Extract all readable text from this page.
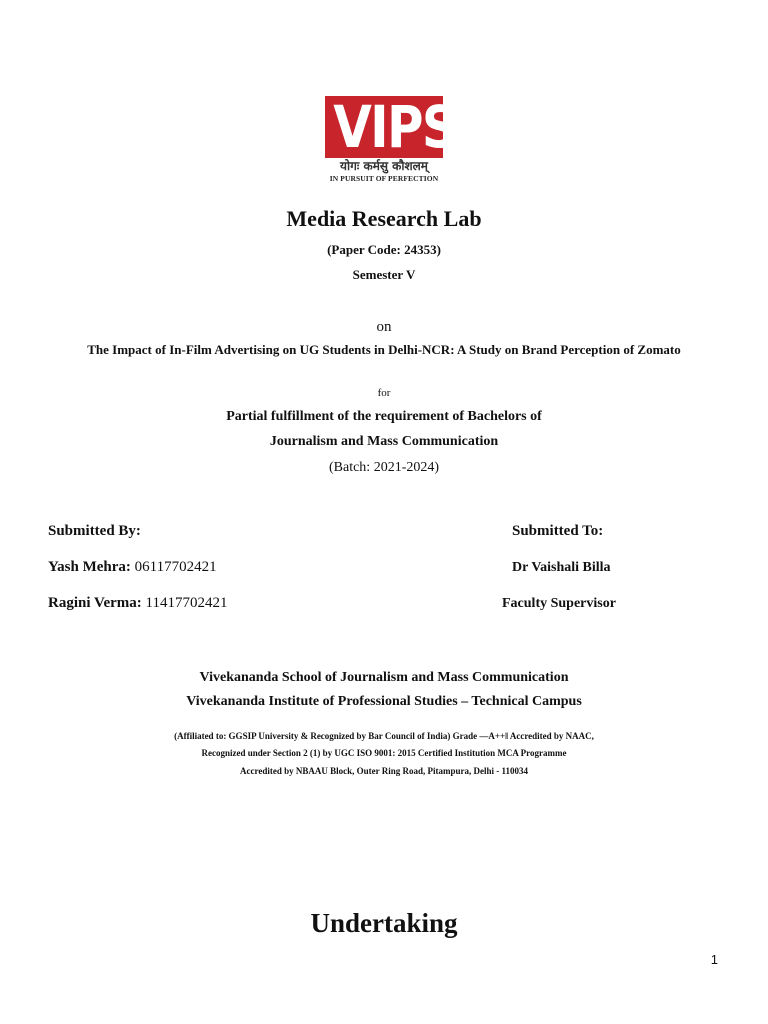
VIPS
योगः कर्मसु कौशलम्
IN PURSUIT OF PERFECTION
Media Research Lab
(Paper Code: 24353)
Semester V
on
The Impact of In-Film Advertising on UG Students in Delhi-NCR: A Study on Brand Perception of Zomato
for
Partial fulfillment of the requirement of Bachelors of
Journalism and Mass Communication
(Batch: 2021-2024)
Submitted By:
Yash Mehra: 06117702421
Ragini Verma: 11417702421
Submitted To:
Dr Vaishali Billa
Faculty Supervisor
Vivekananda School of Journalism and Mass Communication
Vivekananda Institute of Professional Studies – Technical Campus
(Affiliated to: GGSIP University & Recognized by Bar Council of India) Grade ―A++‖ Accredited by NAAC,
Recognized under Section 2 (1) by UGC ISO 9001: 2015 Certified Institution MCA Programme
Accredited by NBAAU Block, Outer Ring Road, Pitampura, Delhi - 110034
Undertaking
1
